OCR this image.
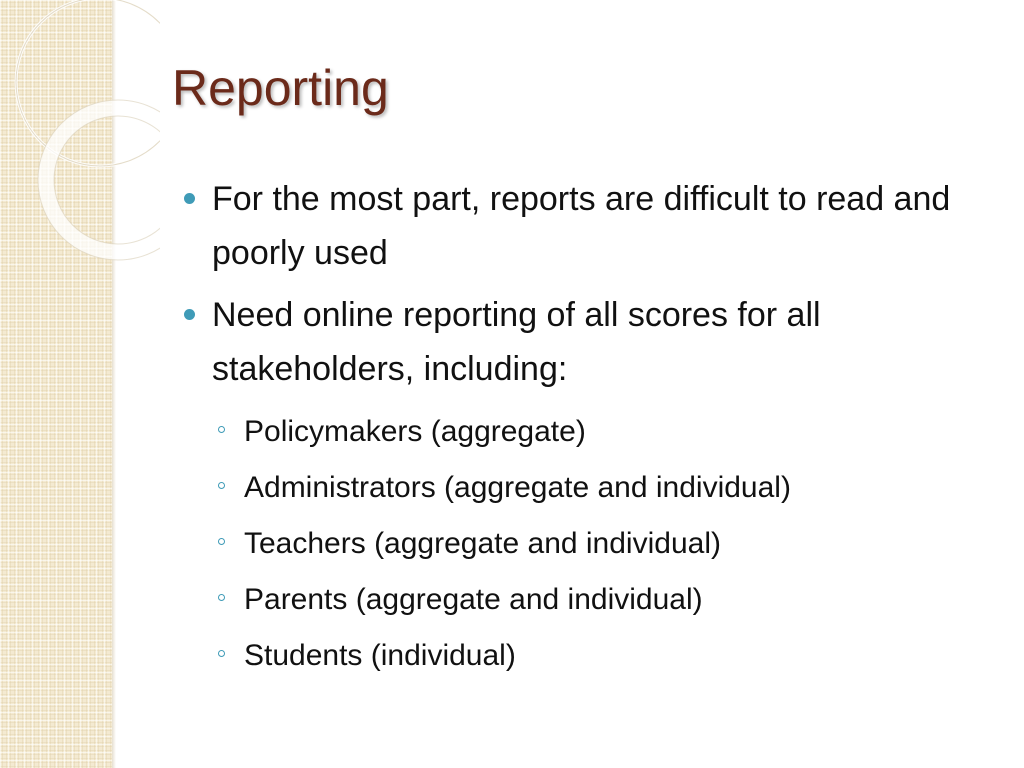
Reporting
For the most part, reports are difficult to read and poorly used
Need online reporting of all scores for all stakeholders, including:
Policymakers (aggregate)
Administrators (aggregate and individual)
Teachers (aggregate and individual)
Parents (aggregate and individual)
Students (individual)
